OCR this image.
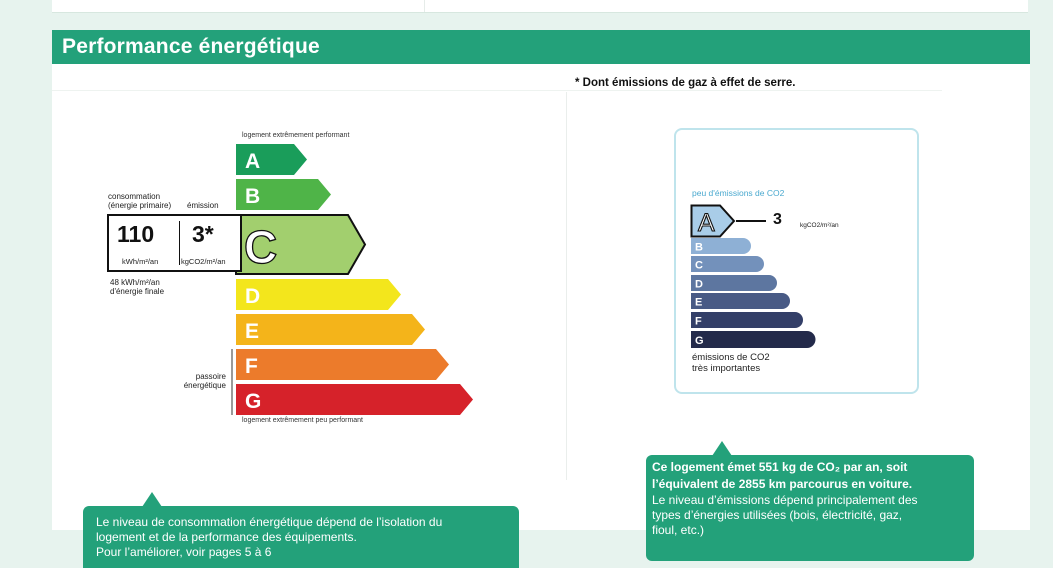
Performance énergétique
* Dont émissions de gaz à effet de serre.
logement extrêmement performant
A
B
C
D
E
F
G
logement extrêmement peu performant
consommation (énergie primaire)	émission
110 3*
kWh/m²/an	kgCO2/m²/an
48 kWh/m²/an d'énergie finale
passoire énergétique
peu d'émissions de CO2
A	3	kgCO2/m²/an
B
C
D
E
F
G
émissions de CO2
très importantes
Ce logement émet 551 kg de CO₂ par an, soit
l’équivalent de 2855 km parcourus en voiture.
Le niveau d’émissions dépend principalement des
types d’énergies utilisées (bois, électricité, gaz,
fioul, etc.)
Le niveau de consommation énergétique dépend de l’isolation du
logement et de la performance des équipements.
Pour l’améliorer, voir pages 5 à 6
